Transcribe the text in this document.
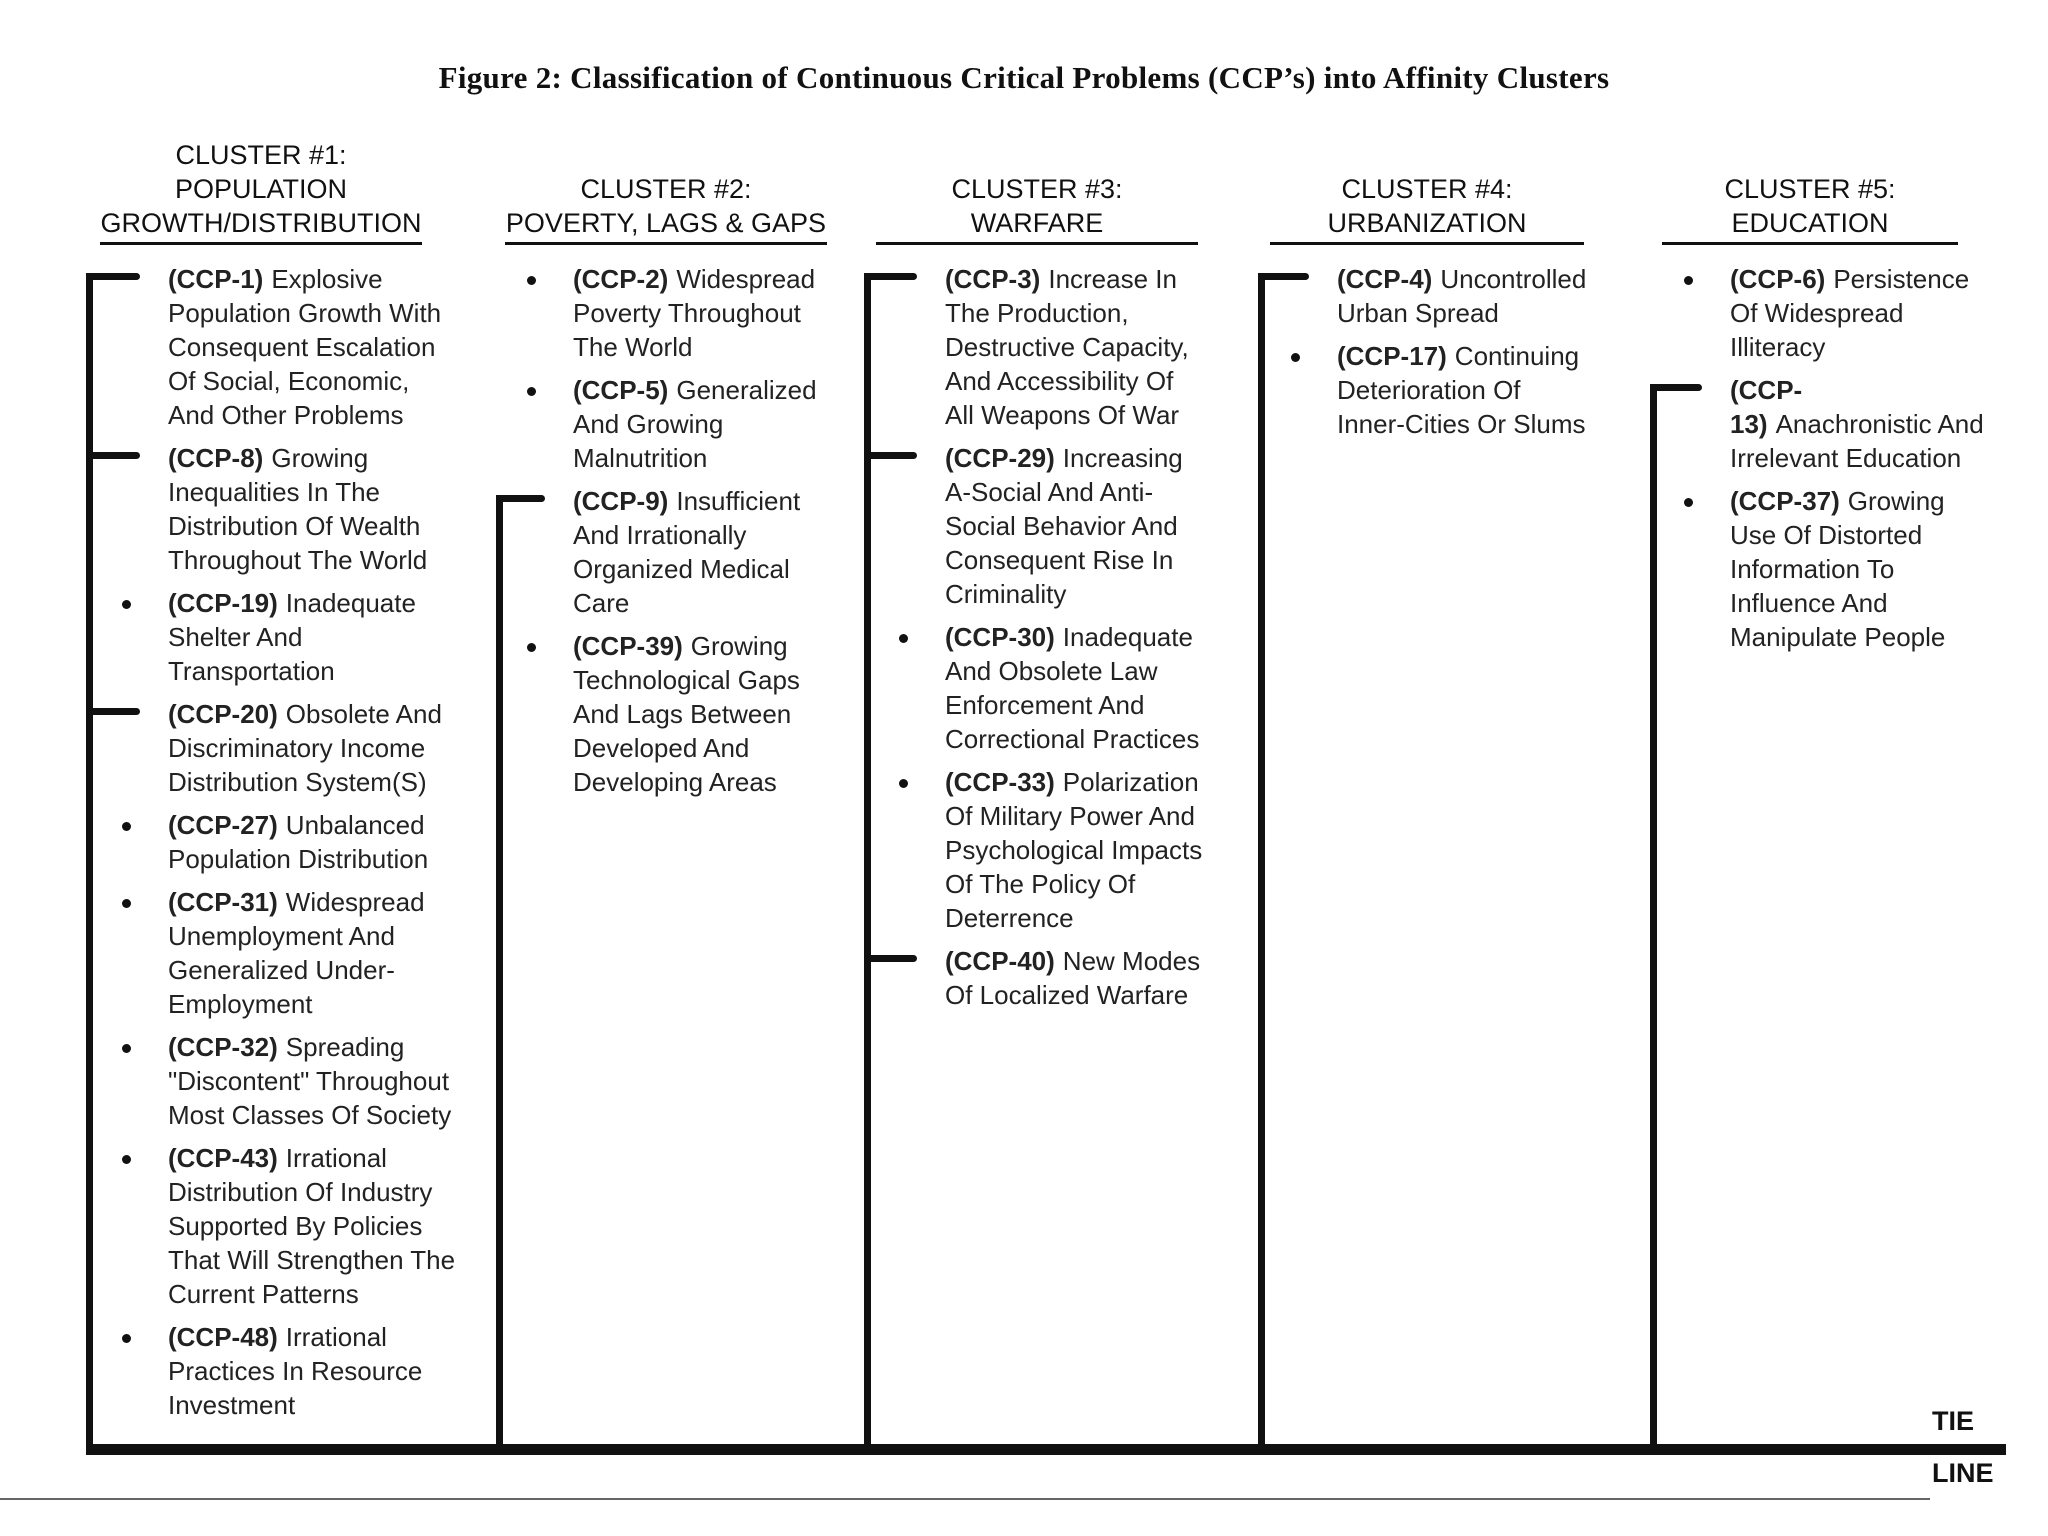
Figure 2: Classification of Continuous Critical Problems (CCP’s) into Affinity Clusters
CLUSTER #1:
POPULATION
GROWTH/DISTRIBUTION
CLUSTER #2:
POVERTY, LAGS & GAPS
CLUSTER #3:
WARFARE
CLUSTER #4:
URBANIZATION
CLUSTER #5:
EDUCATION
(CCP-1) Explosive Population Growth With Consequent Escalation Of Social, Economic, And Other Problems
(CCP-8) Growing Inequalities In The Distribution Of Wealth Throughout The World
(CCP-19) Inadequate Shelter And Transportation
(CCP-20) Obsolete And Discriminatory Income Distribution System(S)
(CCP-27) Unbalanced Population Distribution
(CCP-31) Widespread Unemployment And Generalized Under-Employment
(CCP-32) Spreading "Discontent" Throughout Most Classes Of Society
(CCP-43) Irrational Distribution Of Industry Supported By Policies That Will Strengthen The Current Patterns
(CCP-48) Irrational Practices In Resource Investment
(CCP-2) Widespread Poverty Throughout The World
(CCP-5) Generalized And Growing Malnutrition
(CCP-9) Insufficient And Irrationally Organized Medical Care
(CCP-39) Growing Technological Gaps And Lags Between Developed And Developing Areas
(CCP-3) Increase In The Production, Destructive Capacity, And Accessibility Of All Weapons Of War
(CCP-29) Increasing A-Social And Anti-Social Behavior And Consequent Rise In Criminality
(CCP-30) Inadequate And Obsolete Law Enforcement And Correctional Practices
(CCP-33) Polarization Of Military Power And Psychological Impacts Of The Policy Of Deterrence
(CCP-40) New Modes Of Localized Warfare
(CCP-4) Uncontrolled Urban Spread
(CCP-17) Continuing Deterioration Of Inner-Cities Or Slums
(CCP-6) Persistence Of Widespread Illiteracy
(CCP-13) Anachronistic And Irrelevant Education
(CCP-37) Growing Use Of Distorted Information To Influence And Manipulate People
TIE
LINE
